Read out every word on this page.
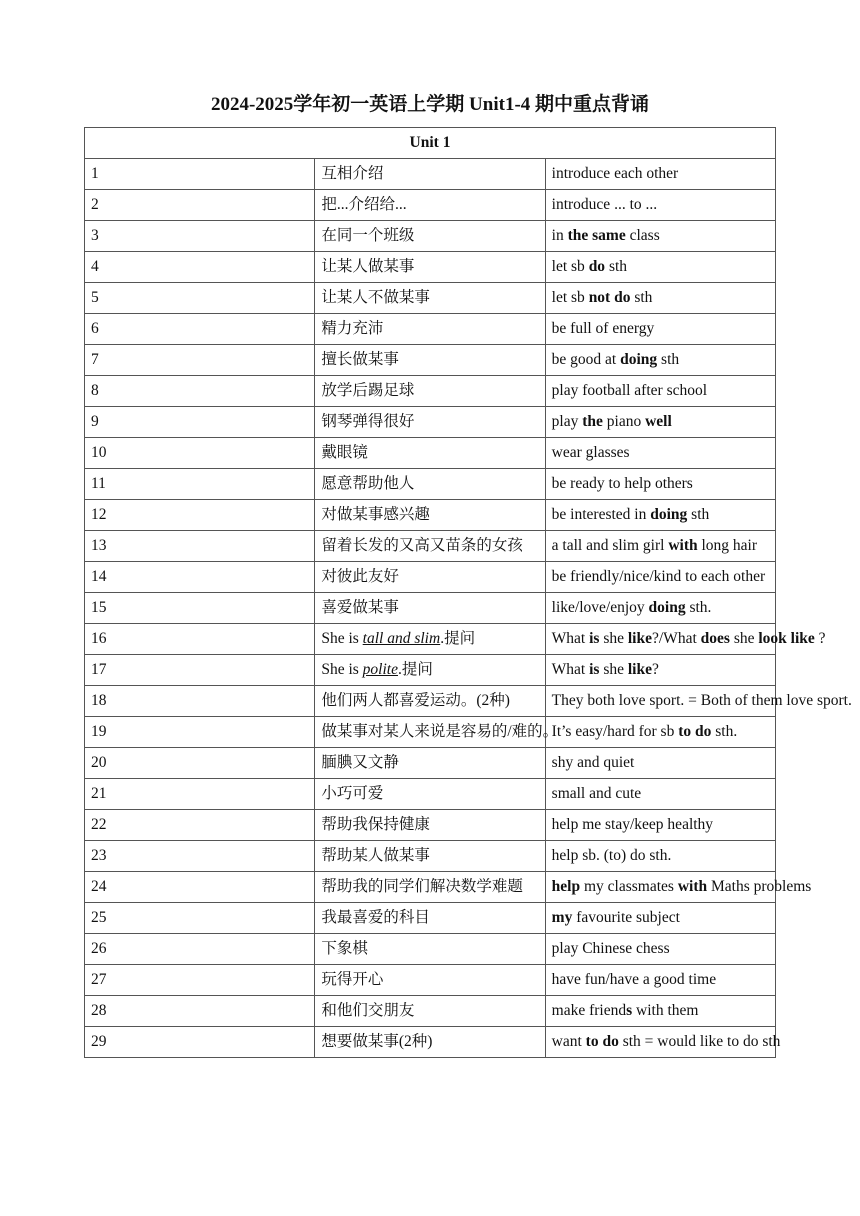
2024-2025学年初一英语上学期 Unit1-4 期中重点背诵
Unit 1		
1	互相介绍	introduce each other
2	把...介绍给...	introduce ... to ...
3	在同一个班级	in the same class
4	让某人做某事	let sb do sth
5	让某人不做某事	let sb not do sth
6	精力充沛	be full of energy
7	擅长做某事	be good at doing sth
8	放学后踢足球	play football after school
9	钢琴弹得很好	play the piano well
10	戴眼镜	wear glasses
11	愿意帮助他人	be ready to help others
12	对做某事感兴趣	be interested in doing sth
13	留着长发的又高又苗条的女孩	a tall and slim girl with long hair
14	对彼此友好	be friendly/nice/kind to each other
15	喜爱做某事	like/love/enjoy doing sth.
16	She is tall and slim.提问	What is she like?/What does she look like ?
17	She is polite.提问	What is she like?
18	他们两人都喜爱运动。(2种)	They both love sport. = Both of them love sport.
19	做某事对某人来说是容易的/难的。	It’s easy/hard for sb to do sth.
20	腼腆又文静	shy and quiet
21	小巧可爱	small and cute
22	帮助我保持健康	help me stay/keep healthy
23	帮助某人做某事	help sb. (to) do sth.
24	帮助我的同学们解决数学难题	help my classmates with Maths problems
25	我最喜爱的科目	my favourite subject
26	下象棋	play Chinese chess
27	玩得开心	have fun/have a good time
28	和他们交朋友	make friends with them
29	想要做某事(2种)	want to do sth = would like to do sth
